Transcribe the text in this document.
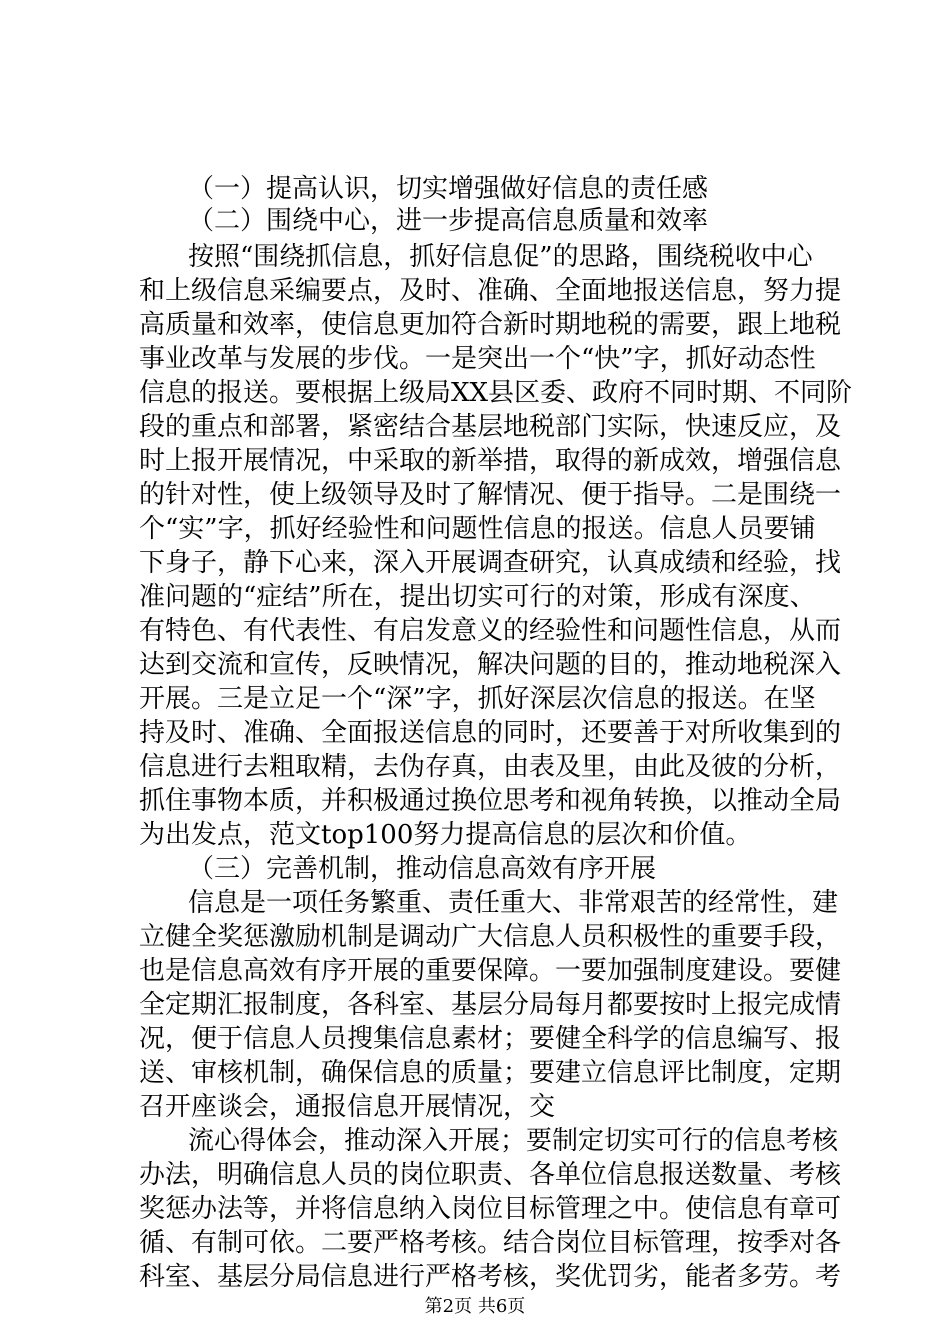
（一）提高认识，切实增强做好信息的责任感
（二）围绕中心，进一步提高信息质量和效率
按照“围绕抓信息，抓好信息促”的思路，围绕税收中心
和上级信息采编要点，及时、准确、全面地报送信息，努力提
高质量和效率，使信息更加符合新时期地税的需要，跟上地税
事业改革与发展的步伐。一是突出一个“快”字，抓好动态性
信息的报送。要根据上级局XX县区委、政府不同时期、不同阶
段的重点和部署，紧密结合基层地税部门实际，快速反应，及
时上报开展情况，中采取的新举措，取得的新成效，增强信息
的针对性，使上级领导及时了解情况、便于指导。二是围绕一
个“实”字，抓好经验性和问题性信息的报送。信息人员要铺
下身子，静下心来，深入开展调查研究，认真成绩和经验，找
准问题的“症结”所在，提出切实可行的对策，形成有深度、
有特色、有代表性、有启发意义的经验性和问题性信息，从而
达到交流和宣传，反映情况，解决问题的目的，推动地税深入
开展。三是立足一个“深”字，抓好深层次信息的报送。在坚
持及时、准确、全面报送信息的同时，还要善于对所收集到的
信息进行去粗取精，去伪存真，由表及里，由此及彼的分析，
抓住事物本质，并积极通过换位思考和视角转换，以推动全局
为出发点，范文top100努力提高信息的层次和价值。
（三）完善机制，推动信息高效有序开展
信息是一项任务繁重、责任重大、非常艰苦的经常性，建
立健全奖惩激励机制是调动广大信息人员积极性的重要手段，
也是信息高效有序开展的重要保障。一要加强制度建设。要健
全定期汇报制度，各科室、基层分局每月都要按时上报完成情
况，便于信息人员搜集信息素材；要健全科学的信息编写、报
送、审核机制，确保信息的质量；要建立信息评比制度，定期
召开座谈会，通报信息开展情况，交
流心得体会，推动深入开展；要制定切实可行的信息考核
办法，明确信息人员的岗位职责、各单位信息报送数量、考核
奖惩办法等，并将信息纳入岗位目标管理之中。使信息有章可
循、有制可依。二要严格考核。结合岗位目标管理，按季对各
科室、基层分局信息进行严格考核，奖优罚劣，能者多劳。考
第2页 共6页
